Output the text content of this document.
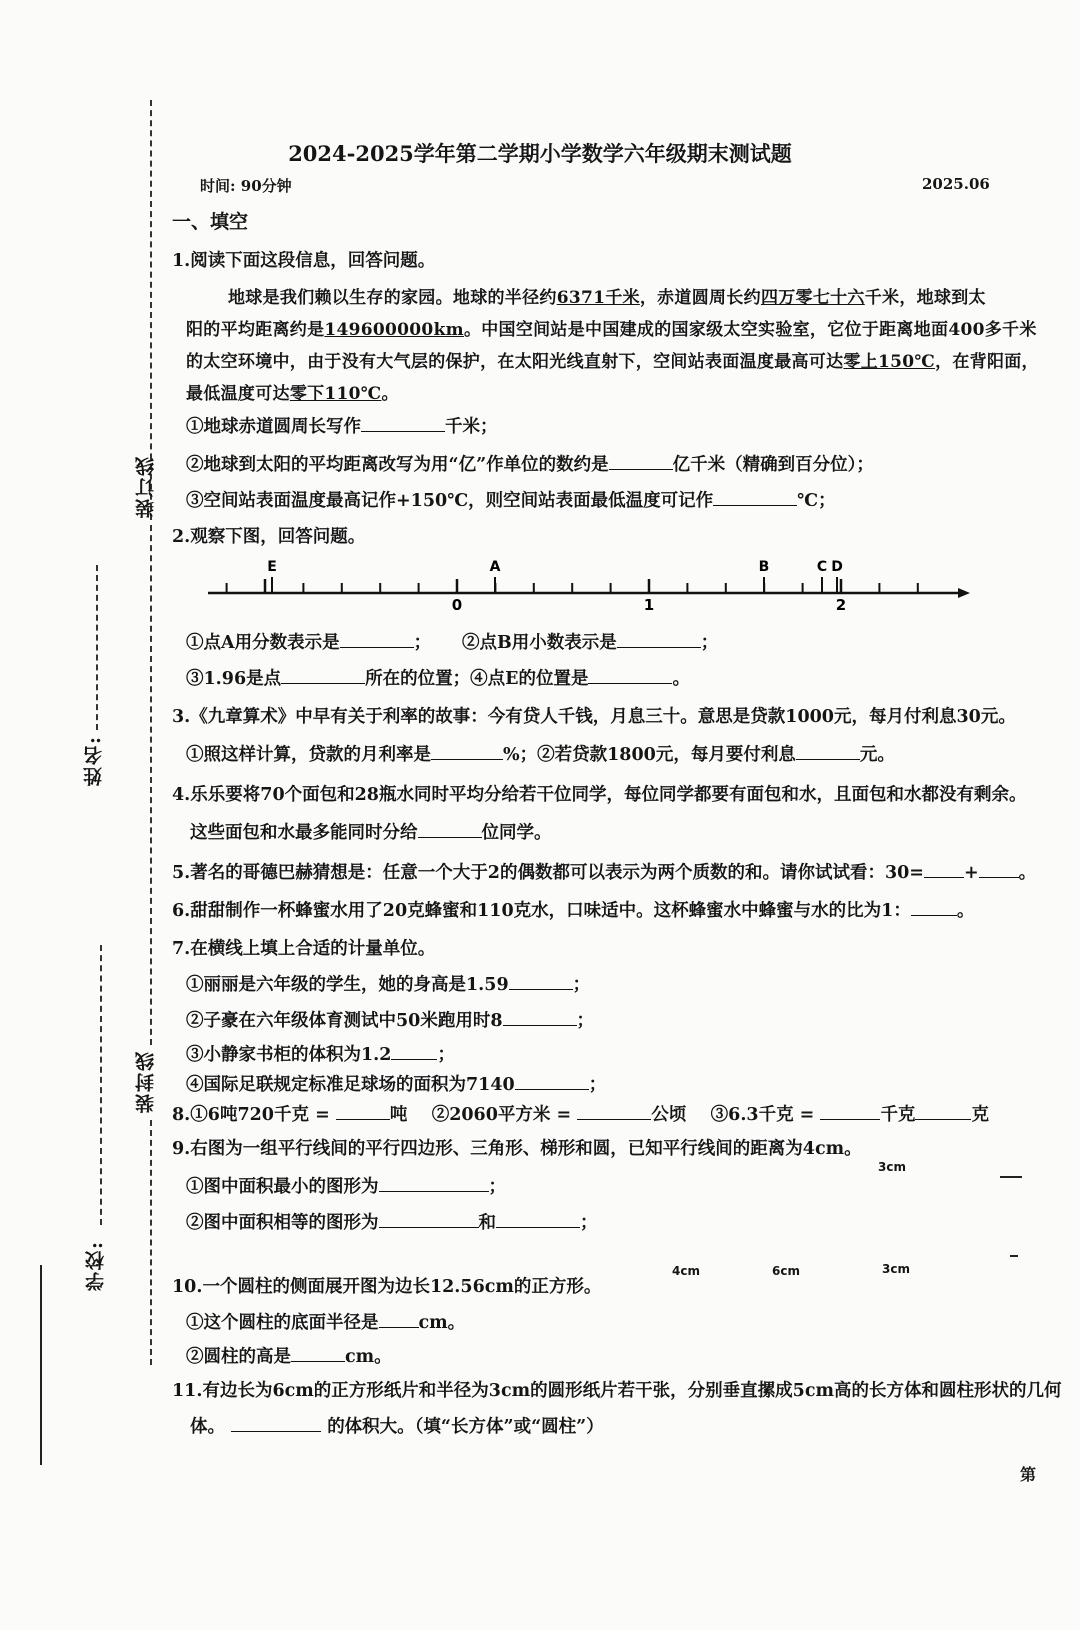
装订线
装封线
姓名:
学校:
2024-2025学年第二学期小学数学六年级期末测试题
时间: 90分钟	2025.06
一、填空
1.阅读下面这段信息，回答问题。
地球是我们赖以生存的家园。地球的半径约6371千米，赤道圆周长约四万零七十六千米，地球到太
阳的平均距离约是149600000km。中国空间站是中国建成的国家级太空实验室，它位于距离地面400多千米
的太空环境中，由于没有大气层的保护，在太阳光线直射下，空间站表面温度最高可达零上150℃，在背阳面，
最低温度可达零下110℃。
①地球赤道圆周长写作	千米；
②地球到太阳的平均距离改写为用“亿”作单位的数约是	亿千米（精确到百分位）；
③空间站表面温度最高记作+150℃，则空间站表面最低温度可记作	℃；
2.观察下图，回答问题。
0	1	2
E	A	B	C D
①点A用分数表示是	； ②点B用小数表示是	；
③1.96是点	所在的位置；④点E的位置是	。
3.《九章算术》中早有关于利率的故事：今有贷人千钱，月息三十。意思是贷款1000元，每月付利息30元。
①照这样计算，贷款的月利率是	%；②若贷款1800元，每月要付利息	元。
4.乐乐要将70个面包和28瓶水同时平均分给若干位同学，每位同学都要有面包和水，且面包和水都没有剩余。
这些面包和水最多能同时分给	位同学。
5.著名的哥德巴赫猜想是：任意一个大于2的偶数都可以表示为两个质数的和。请你试试看：30= + 。
6.甜甜制作一杯蜂蜜水用了20克蜂蜜和110克水，口味适中。这杯蜂蜜水中蜂蜜与水的比为1：	。
7.在横线上填上合适的计量单位。
①丽丽是六年级的学生，她的身高是1.59	；
②子豪在六年级体育测试中50米跑用时8	；
③小静家书柜的体积为1.2	；
④国际足联规定标准足球场的面积为7140	；
8.①6吨720千克 =	吨 ②2060平方米 =	公顷 ③6.3千克 =	千克	克
9.右图为一组平行线间的平行四边形、三角形、梯形和圆，已知平行线间的距离为4cm。
①图中面积最小的图形为	；
②图中面积相等的图形为	和	；
3cm
4cm	6cm	3cm
10.一个圆柱的侧面展开图为边长12.56cm的正方形。
①这个圆柱的底面半径是 cm。
②圆柱的高是	cm。
11.有边长为6cm的正方形纸片和半径为3cm的圆形纸片若干张，分别垂直摞成5cm高的长方体和圆柱形状的几何
体。	的体积大。（填“长方体”或“圆柱”）
第
